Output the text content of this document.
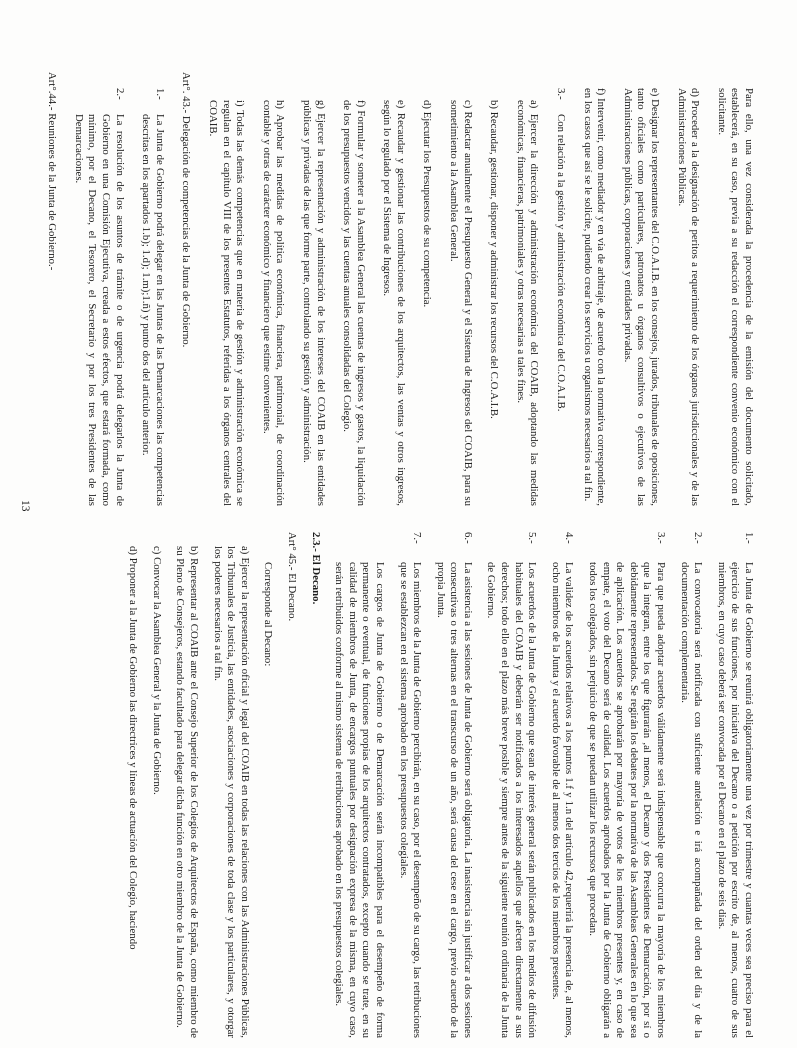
Para ello, una vez considerada la procedencia de la emisión del documento solicitado, establecerá, en su caso, previa a su redacción el correspondiente convenio económico con el solicitante.
d) Proceder a la designación de peritos a requerimiento de los órganos jurisdiccionales y de las Administraciones Públicas.
e) Designar los representantes del C.O.A.I.B. en los consejos, jurados, tribunales de oposiciones, tanto oficiales como particulares, patronatos u órganos consultivos o ejecutivos de las Administraciones públicas, corporaciones y entidades privadas.
f) Intervenir, como mediador y en vía de arbitraje, de acuerdo con la normativa correspondiente, en los casos que así se le solicite, pudiendo crear los servicios u organismos necesarios a tal fin.
3.-
Con relación a la gestión y administración económica del C.O.A.I.B.
a) Ejercer la dirección y administración económica del COAIB, adoptando las medidas económicas, financieras, patrimoniales y otras necesarias a tales fines.
b) Recaudar, gestionar, disponer y administrar los recursos del C.O.A.I.B.
c) Redactar anualmente el Presupuesto General y el Sistema de Ingresos del COAIB, para su sometimiento a la Asamblea General.
d) Ejecutar los Presupuestos de su competencia.
e) Recaudar y gestionar las contribuciones de los arquitectos, las ventas y otros ingresos, según lo regulado por el Sistema de Ingresos.
f) Formular y someter a la Asamblea General las cuentas de ingresos y gastos, la liquidación de los presupuestos vencidos y las cuentas anuales consolidadas del Colegio.
g) Ejercer la representación y administración de los intereses del COAIB en las entidades públicas y privadas de las que forme parte, controlando su gestión y administración.
h) Aprobar las medidas de política económica, financiera, patrimonial, de coordinación contable y otras de carácter económico y financiero que estime convenientes.
i) Todas las demás competencias que en materia de gestión y administración económica se regulan en el capítulo VIII de los presentes Estatutos, referidas a los órganos centrales del COAIB.
Art°. 43.- Delegación de competencias de la Junta de Gobierno.
1.-
La Junta de Gobierno podrá delegar en las Juntas de las Demarcaciones las competencias descritas en los apartados 1.b); 1.d); 1.m);1.ñ) y punto dos del artículo anterior.
2.-
La resolución de los asuntos de trámite o de urgencia podrá delegarlos la Junta de Gobierno en una Comisión Ejecutiva, creada a estos efectos, que estará formada, como mínimo, por el Decano, el Tesorero, el Secretario y por los tres Presidentes de las Demarcaciones.
Art°.44.- Reuniones de la Junta de Gobierno.-
1.-
La Junta de Gobierno se reunirá obligatoriamente una vez por trimestre y cuantas veces sea preciso para el ejercicio de sus funciones, por iniciativa del Decano o a petición por escrito de, al menos, cuatro de sus miembros, en cuyo caso deberá ser convocada por el Decano en el plazo de seis días.
2.-
La convocatoria será notificada con suficiente antelación e irá acompañada del orden del día y de la documentación complementaria.
3.-
Para que pueda adoptar acuerdos válidamente será indispensable que concurra la mayoría de los miembros que la integran, entre los que figurarán ,al menos, el Decano y dos Presidentes de Demarcación, por sí o debidamente representados. Se regirán los debates por la normativa de las Asambleas Generales en lo que sea de aplicación. Los acuerdos se aprobarán por mayoría de votos de los miembros presentes y, en caso de empate, el voto del Decano será de calidad. Los acuerdos aprobados por la Junta de Gobierno obligarán a todos los colegiados, sin perjuicio de que se puedan utilizar los recursos que procedan.
4.-
La validez de los acuerdos relativos a los puntos 1.f y 1.n del artículo 42,requerirá la presencia de, al menos, ocho miembros de la Junta y el acuerdo favorable de al menos dos tercios de los miembros presentes.
5.-
Los acuerdos de la Junta de Gobierno que sean de interés general serán publicados en los medios de difusión habituales del COAIB y deberán ser notificados a los interesados aquellos que afecten directamente a sus derechos; todo ello en el plazo más breve posible y siempre antes de la siguiente reunión ordinaria de la Junta de Gobierno.
6.-
La asistencia a las sesiones de Junta de Gobierno será obligatoria. La inasistencia sin justificar a dos sesiones consecutivas o tres alternas en el transcurso de un año, será causa del cese en el cargo, previo acuerdo de la propia Junta.
7.-
Los miembros de la Junta de Gobierno percibirán, en su caso, por el desempeño de su cargo, las retribuciones que se establezcan en el sistema aprobado en los presupuestos colegiales.
Los cargos de Junta de Gobierno o de Demarcación serán incompatibles para el desempeño de forma permanente o eventual, de funciones propias de los arquitectos contratados, excepto cuando se trate, en su calidad de miembros de Junta, de encargos puntuales por designación expresa de la misma, en cuyo caso, serán retribuidos conforme al mismo sistema de retribuciones aprobado en los presupuestos colegiales.
2.3.- El Decano.
Art° 45.- El Decano.
Corresponde al Decano:
a) Ejercer la representación oficial y legal del COAIB en todas las relaciones con las Administraciones Públicas, los Tribunales de Justicia, las entidades, asociaciones y corporaciones de toda clase y los particulares, y otorgar los poderes necesarios a tal fin.
b) Representar al COAIB ante el Consejo Superior de los Colegios de Arquitectos de España, como miembro de su Pleno de Consejeros, estando facultado para delegar dicha función en otro miembro de la Junta de Gobierno.
c) Convocar la Asamblea General y la Junta de Gobierno.
d) Proponer a la Junta de Gobierno las directrices y líneas de actuación del Colegio, haciendo
13
